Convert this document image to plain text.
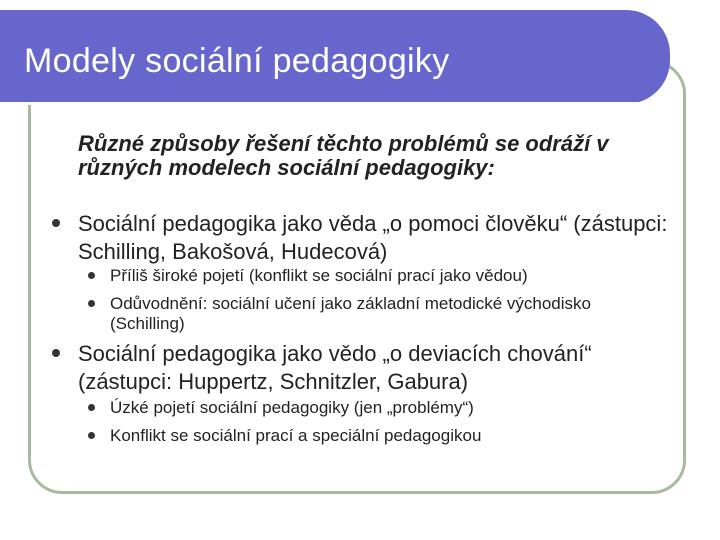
Modely sociální pedagogiky

Různé způsoby řešení těchto problémů se odráží v různých modelech sociální pedagogiky:

Sociální pedagogika jako věda „o pomoci člověku“ (zástupci: Schilling, Bakošová, Hudecová)
Příliš široké pojetí (konflikt se sociální prací jako vědou)
Odůvodnění: sociální učení jako základní metodické východisko (Schilling)
Sociální pedagogika jako vědo „o deviacích chování“ (zástupci: Huppertz, Schnitzler, Gabura)
Úzké pojetí sociální pedagogiky (jen „problémy“)
Konflikt se sociální prací a speciální pedagogikou
